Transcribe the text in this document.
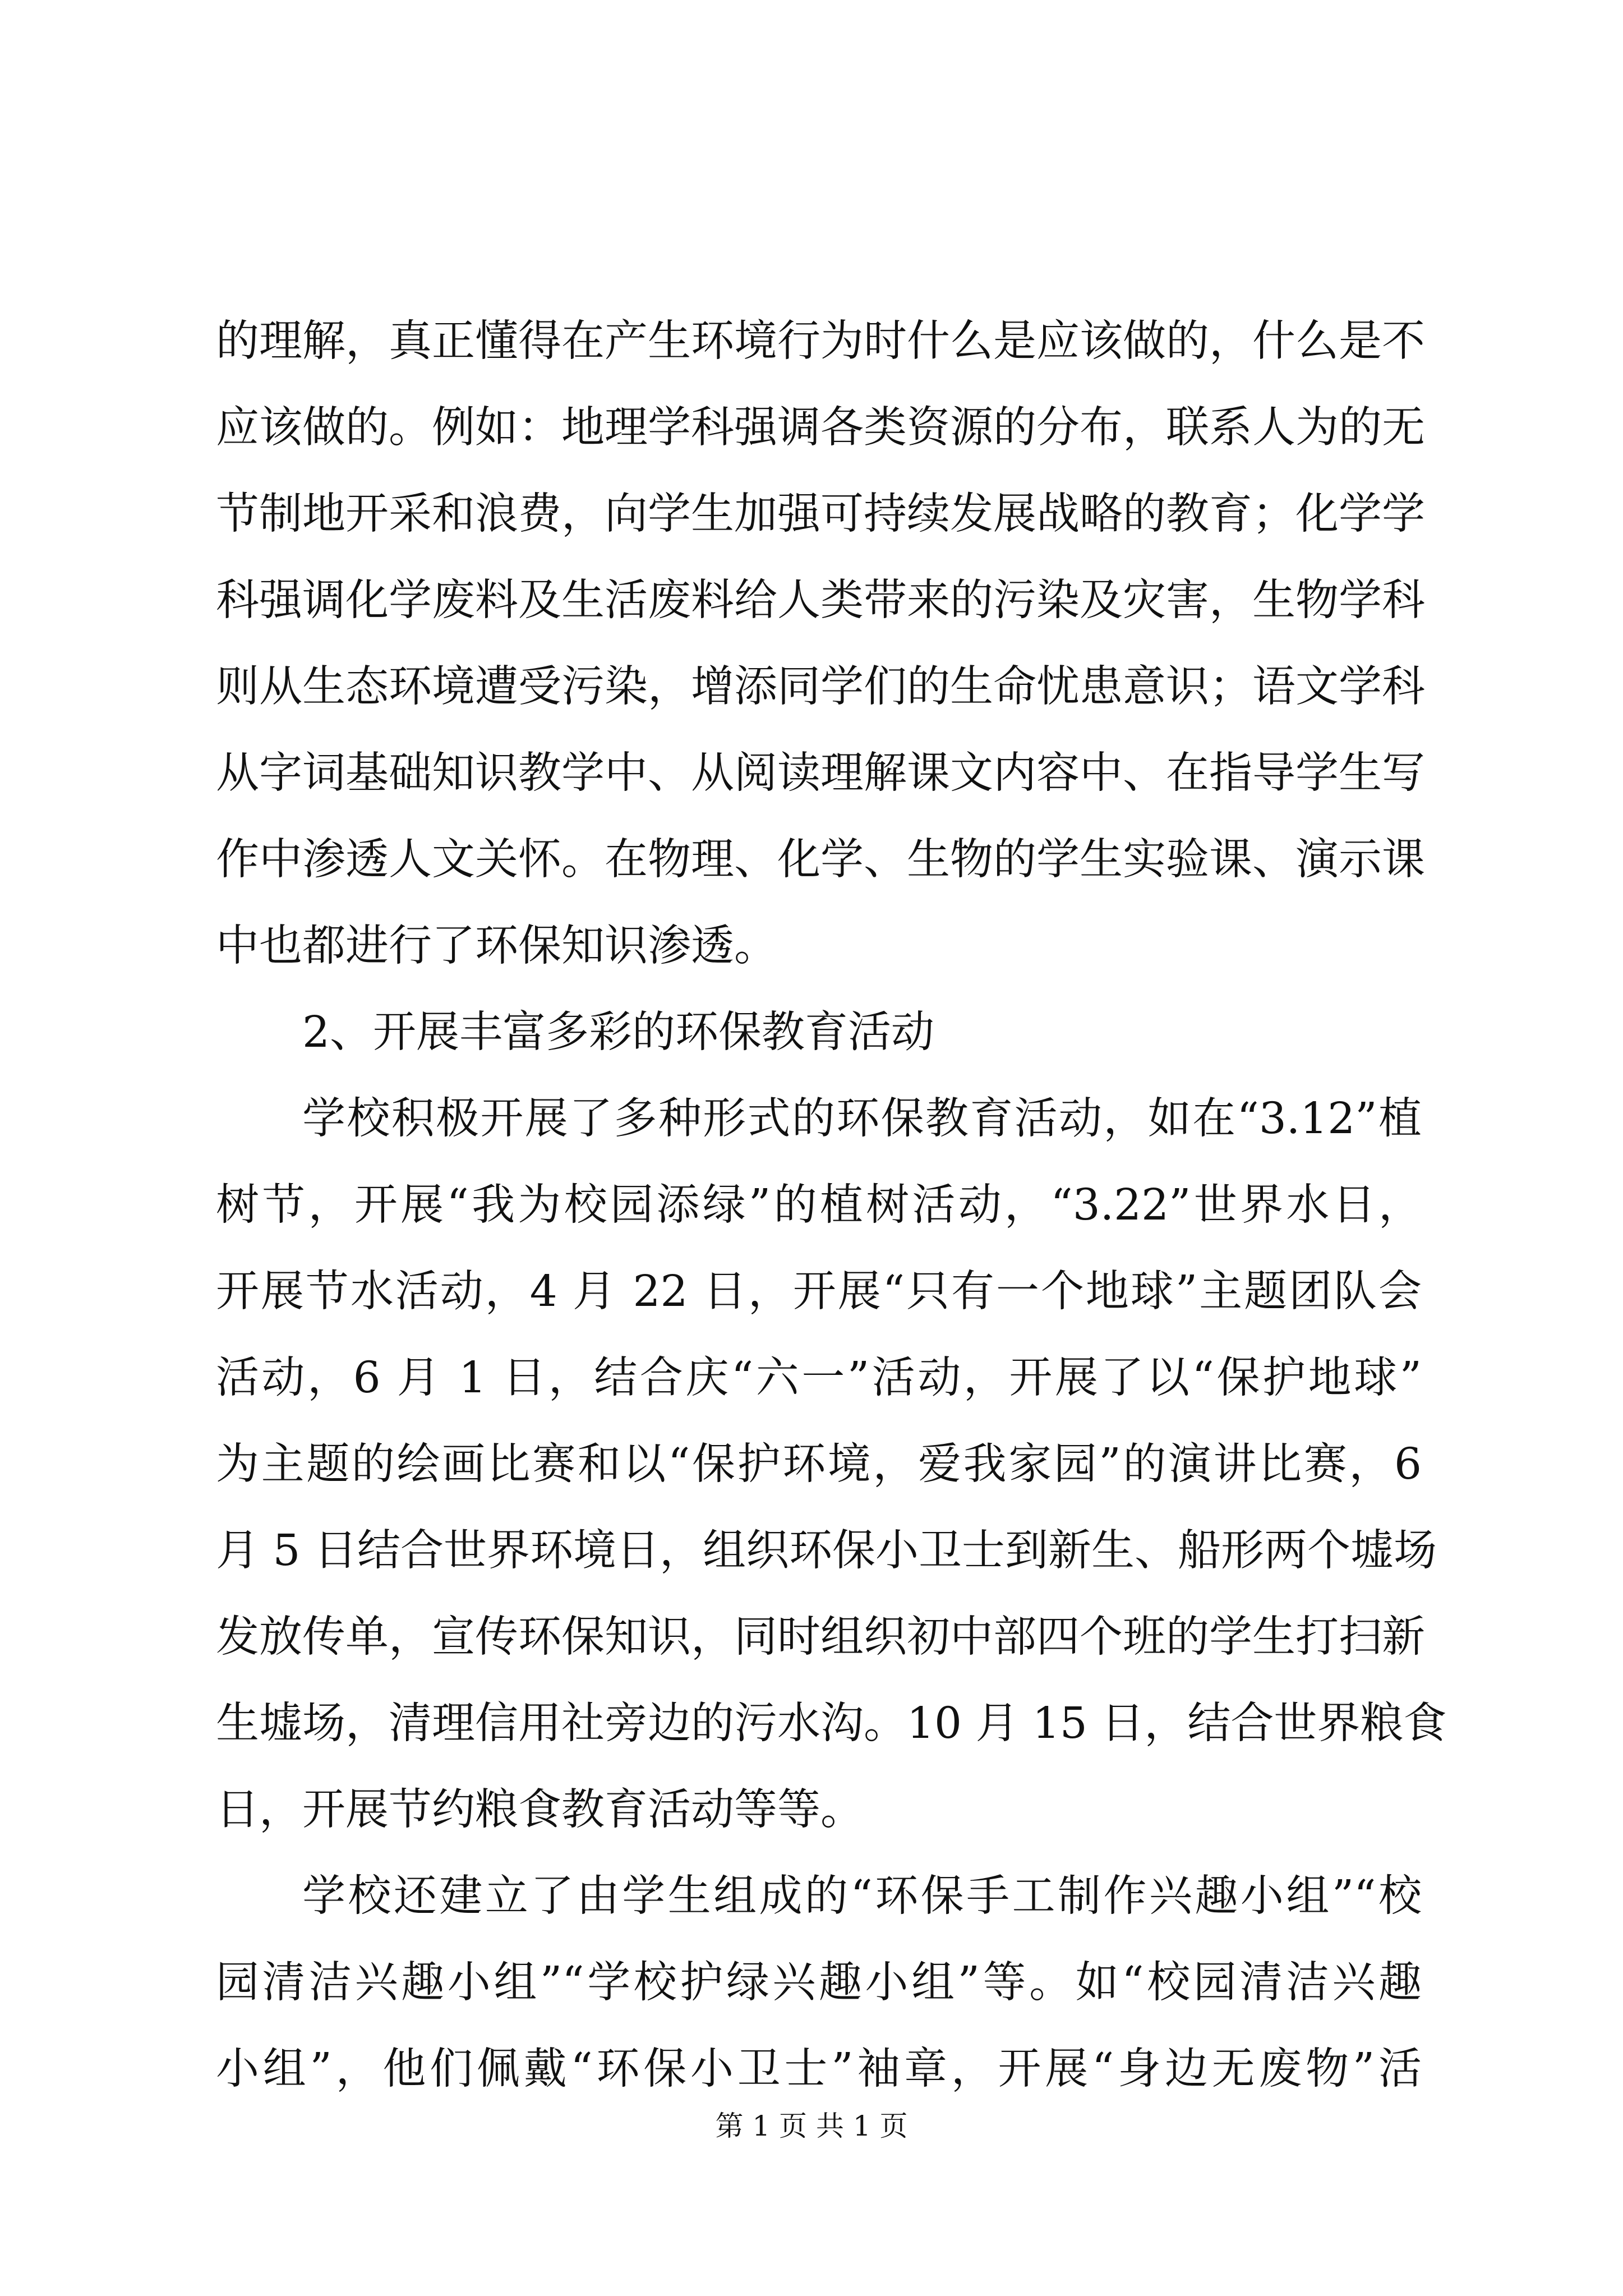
的理解，真正懂得在产生环境行为时什么是应该做的，什么是不
应该做的。例如：地理学科强调各类资源的分布，联系人为的无
节制地开采和浪费，向学生加强可持续发展战略的教育；化学学
科强调化学废料及生活废料给人类带来的污染及灾害，生物学科
则从生态环境遭受污染，增添同学们的生命忧患意识；语文学科
从字词基础知识教学中、从阅读理解课文内容中、在指导学生写
作中渗透人文关怀。在物理、化学、生物的学生实验课、演示课
中也都进行了环保知识渗透。
2、开展丰富多彩的环保教育活动
学校积极开展了多种形式的环保教育活动，如在“3.12”植
树节，开展“我为校园添绿”的植树活动，“3.22”世界水日，
开展节水活动，4 月 22 日，开展“只有一个地球”主题团队会
活动，6 月 1 日，结合庆“六一”活动，开展了以“保护地球”
为主题的绘画比赛和以“保护环境，爱我家园”的演讲比赛，6
月 5 日结合世界环境日，组织环保小卫士到新生、船形两个墟场
发放传单，宣传环保知识，同时组织初中部四个班的学生打扫新
生墟场，清理信用社旁边的污水沟。10 月 15 日，结合世界粮食
日，开展节约粮食教育活动等等。
学校还建立了由学生组成的“环保手工制作兴趣小组”“校
园清洁兴趣小组”“学校护绿兴趣小组”等。如“校园清洁兴趣
小组”，他们佩戴“环保小卫士”袖章，开展“身边无废物”活
第 1 页 共 1 页
